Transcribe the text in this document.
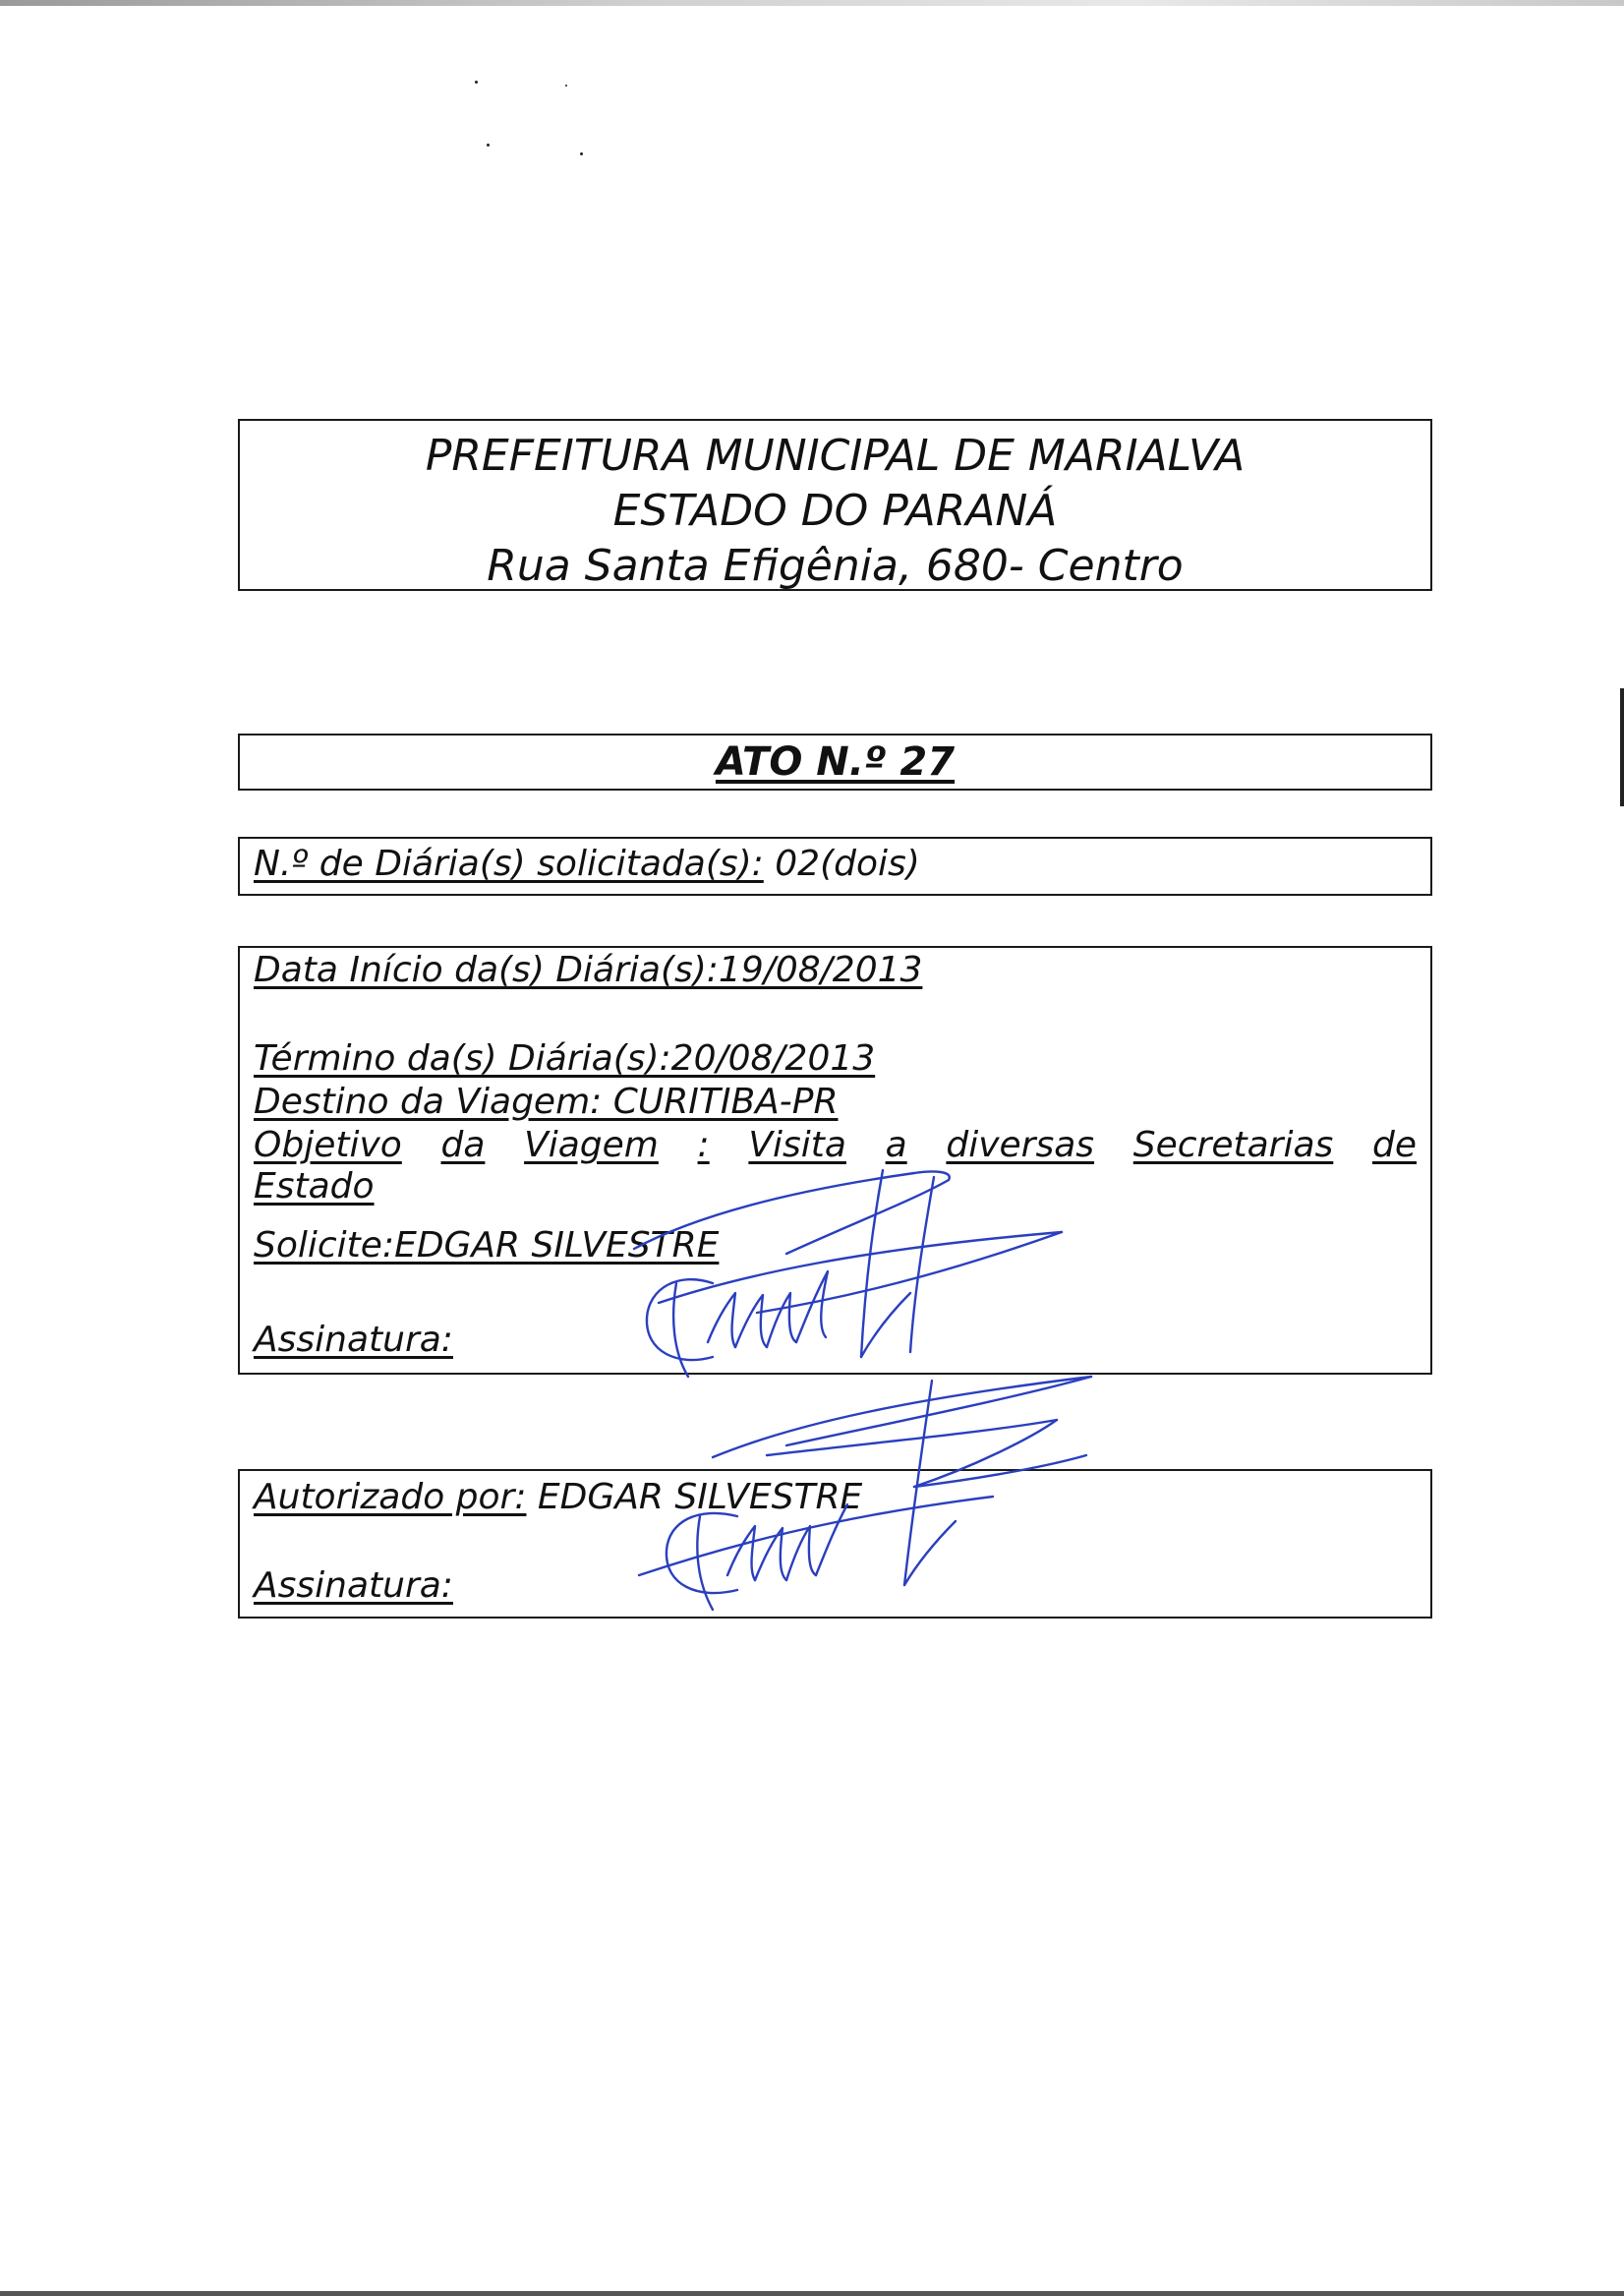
PREFEITURA MUNICIPAL DE MARIALVA
ESTADO DO PARANÁ
Rua Santa Efigênia, 680- Centro
ATO N.º 27
N.º de Diária(s) solicitada(s): 02(dois)
Data Início da(s) Diária(s):19/08/2013
Término da(s) Diária(s):20/08/2013
Destino da Viagem: CURITIBA-PR
Objetivo da Viagem : Visita a diversas Secretarias de
Estado
Solicite:EDGAR SILVESTRE
Assinatura:
Autorizado por: EDGAR SILVESTRE
Assinatura:
